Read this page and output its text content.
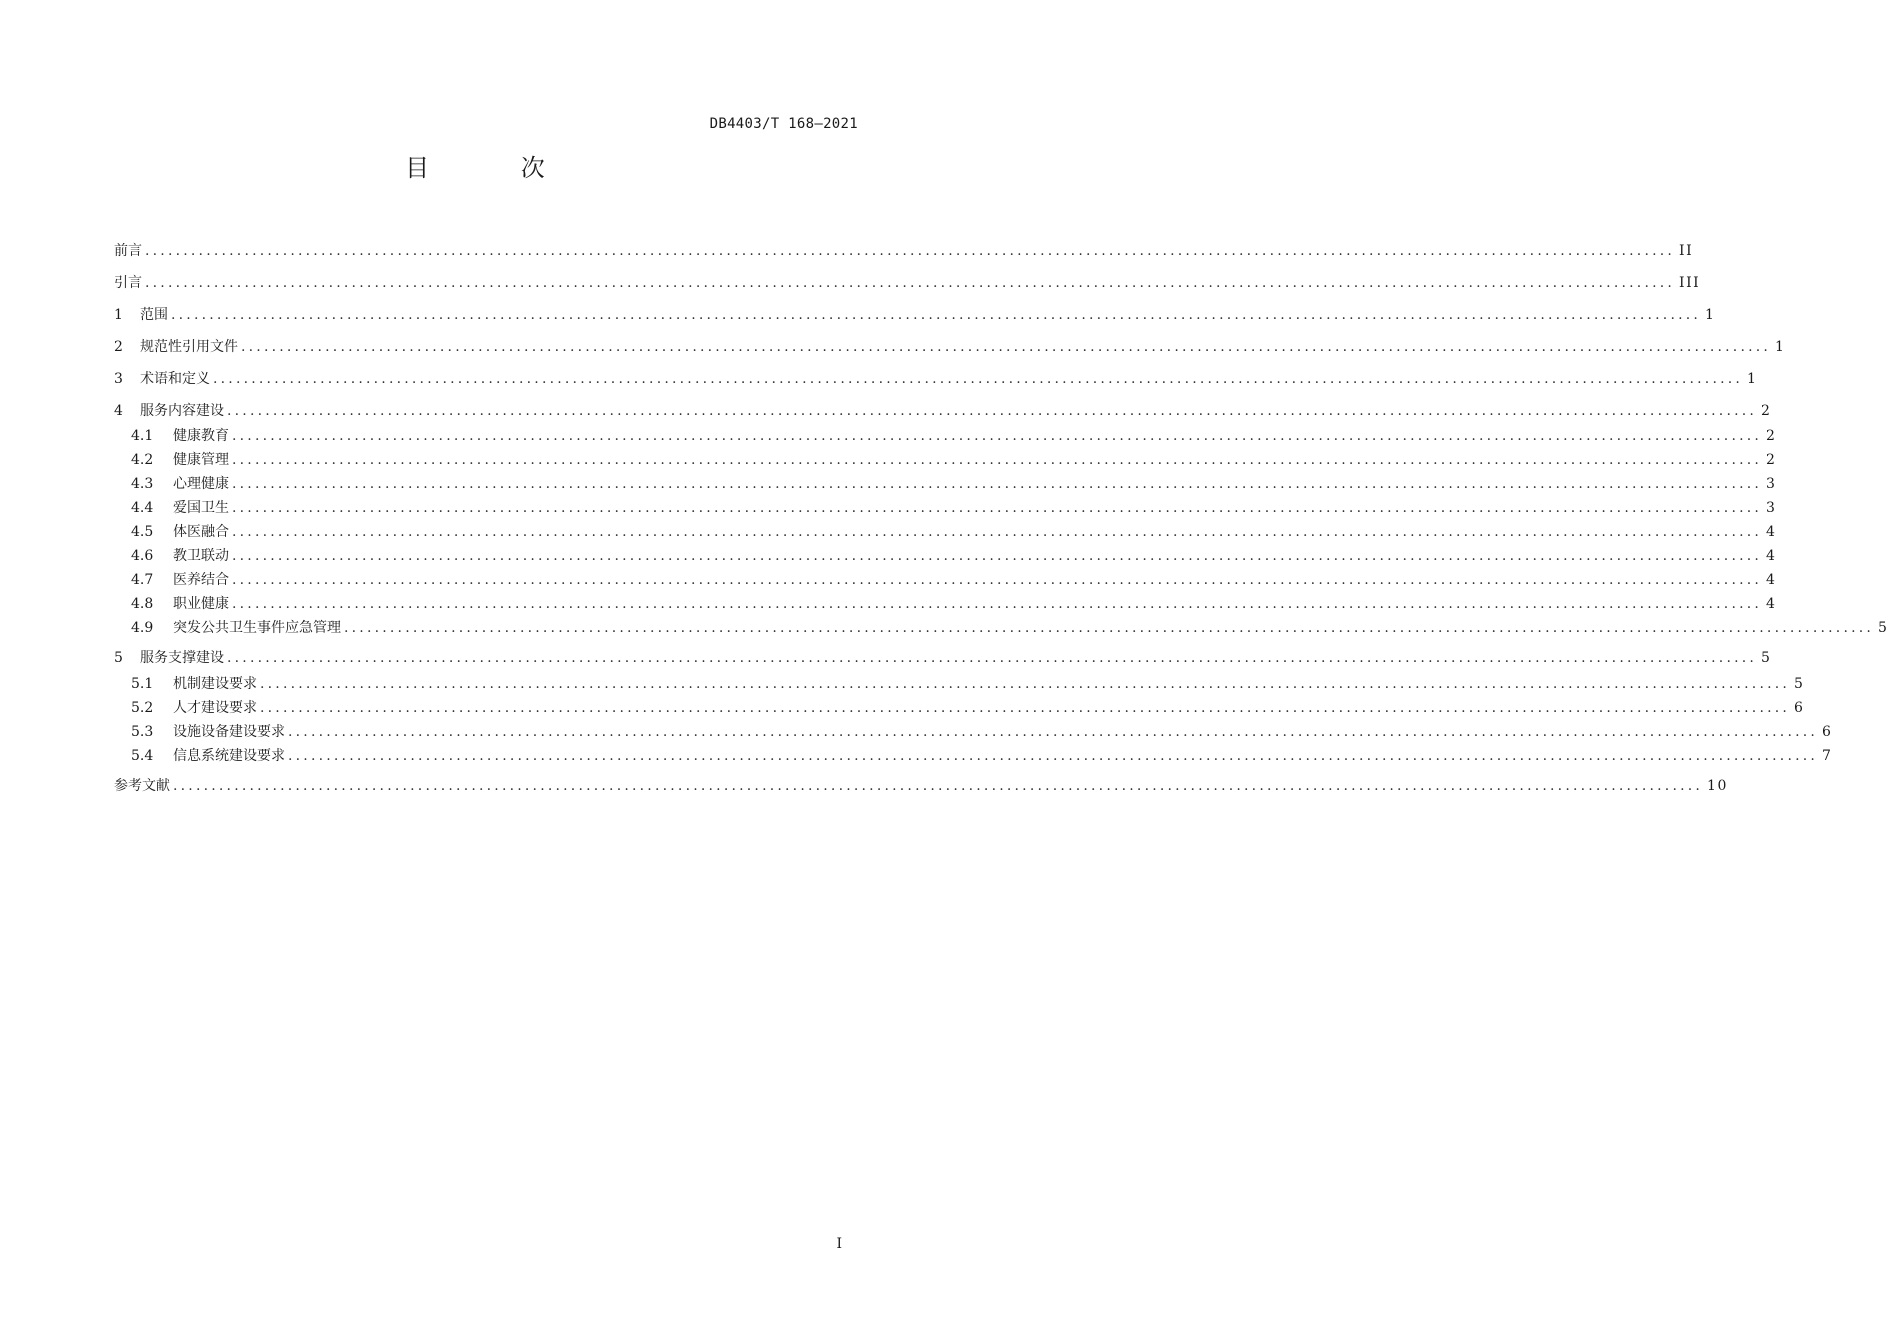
DB4403/T 168—2021
目 次
前言 ........................................................................................................................................................................................................ II
引言 ........................................................................................................................................................................................................ III
1	范围 ........................................................................................................................................................................................................ 1
2	规范性引用文件 ........................................................................................................................................................................................................ 1
3	术语和定义 ........................................................................................................................................................................................................ 1
4	服务内容建设 ........................................................................................................................................................................................................ 2
4.1	健康教育 ........................................................................................................................................................................................................ 2
4.2	健康管理 ........................................................................................................................................................................................................ 2
4.3	心理健康 ........................................................................................................................................................................................................ 3
4.4	爱国卫生 ........................................................................................................................................................................................................ 3
4.5	体医融合 ........................................................................................................................................................................................................ 4
4.6	教卫联动 ........................................................................................................................................................................................................ 4
4.7	医养结合 ........................................................................................................................................................................................................ 4
4.8	职业健康 ........................................................................................................................................................................................................ 4
4.9	突发公共卫生事件应急管理 ........................................................................................................................................................................................................ 5
5	服务支撑建设 ........................................................................................................................................................................................................ 5
5.1	机制建设要求 ........................................................................................................................................................................................................ 5
5.2	人才建设要求 ........................................................................................................................................................................................................ 6
5.3	设施设备建设要求 ........................................................................................................................................................................................................ 6
5.4	信息系统建设要求 ........................................................................................................................................................................................................ 7
参考文献 ........................................................................................................................................................................................................ 10
I
